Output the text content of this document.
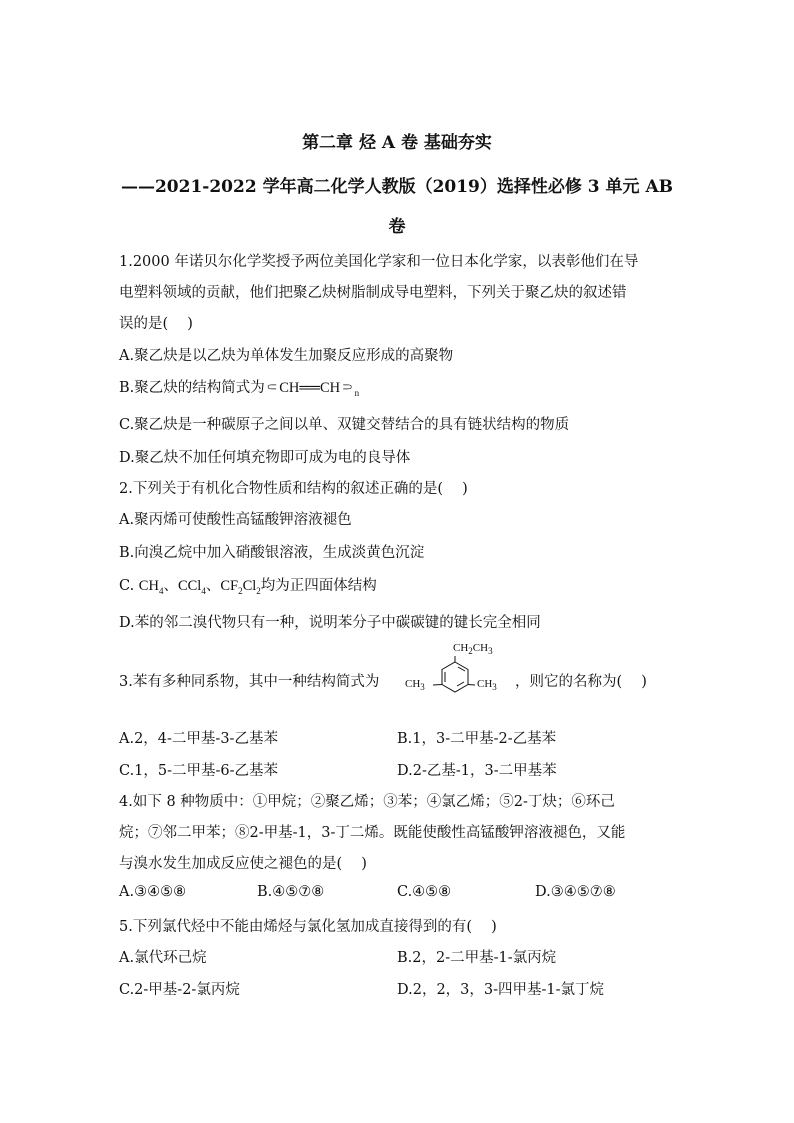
第二章 烃 A 卷 基础夯实
——2021-2022 学年高二化学人教版（2019）选择性必修 3 单元 AB
卷
1.2000 年诺贝尔化学奖授予两位美国化学家和一位日本化学家，以表彰他们在导
电塑料领域的贡献，他们把聚乙炔树脂制成导电塑料，下列关于聚乙炔的叙述错
误的是(　 )
A.聚乙炔是以乙炔为单体发生加聚反应形成的高聚物
B.聚乙炔的结构简式为$⸦CH══CH⸧_n$
C.聚乙炔是一种碳原子之间以单、双键交替结合的具有链状结构的物质
D.聚乙炔不加任何填充物即可成为电的良导体
2.下列关于有机化合物性质和结构的叙述正确的是(　 )
A.聚丙烯可使酸性高锰酸钾溶液褪色
B.向溴乙烷中加入硝酸银溶液，生成淡黄色沉淀
C. $CH_4$、CCl$_4$、$CF_2Cl_2$均为正四面体结构
D.苯的邻二溴代物只有一种，说明苯分子中碳碳键的键长完全相同
3.苯有多种同系物，其中一种结构简式为
$CH_2CH_3$
$CH_3$	$CH_3$ ，则它的名称为(　 )
A.2，4-二甲基-3-乙基苯	B.1，3-二甲基-2-乙基苯
C.1，5-二甲基-6-乙基苯	D.2-乙基-1，3-二甲基苯
4.如下 8 种物质中：①甲烷；②聚乙烯；③苯；④氯乙烯；⑤2-丁炔；⑥环己
烷；⑦邻二甲苯；⑧2-甲基-1，3-丁二烯。既能使酸性高锰酸钾溶液褪色，又能
与溴水发生加成反应使之褪色的是(　 )
A.③④⑤⑧	B.④⑤⑦⑧	C.④⑤⑧	D.③④⑤⑦⑧
5.下列氯代烃中不能由烯烃与氯化氢加成直接得到的有(　 )
A.氯代环己烷	B.2，2-二甲基-1-氯丙烷
C.2-甲基-2-氯丙烷	D.2，2，3，3-四甲基-1-氯丁烷
